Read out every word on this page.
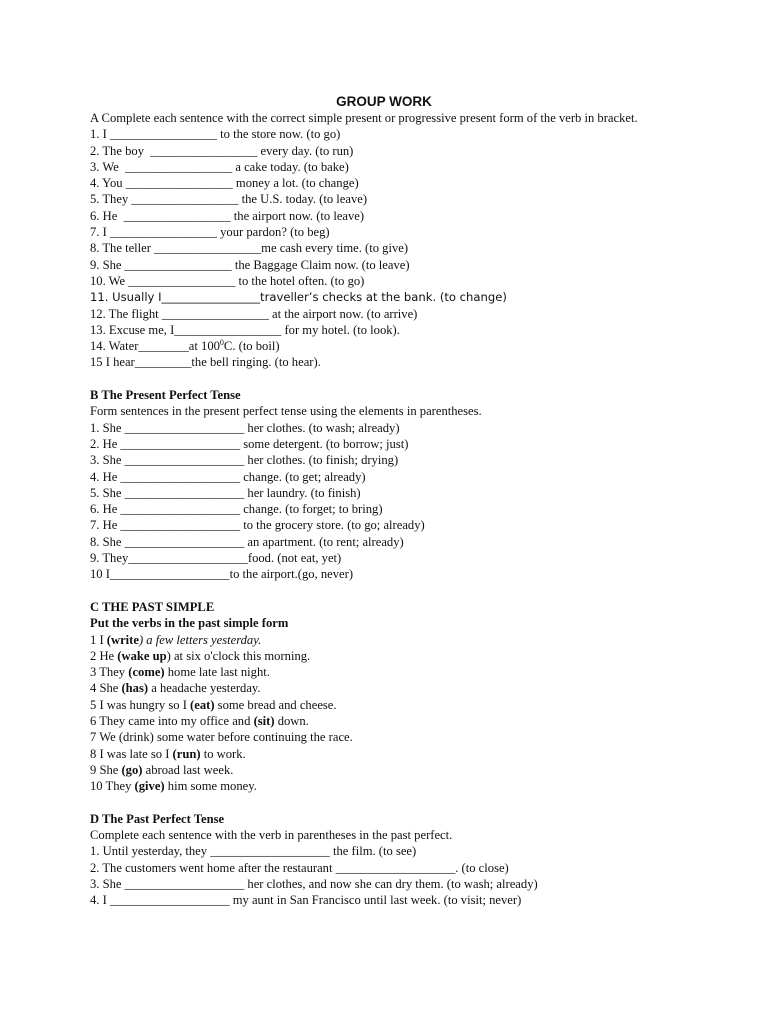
GROUP WORK
A Complete each sentence with the correct simple present or progressive present form of the verb in bracket.
1. I _________________ to the store now. (to go)
2. The boy  _________________ every day. (to run)
3. We  _________________ a cake today. (to bake)
4. You _________________ money a lot. (to change)
5. They _________________ the U.S. today. (to leave)
6. He  _________________ the airport now. (to leave)
7. I _________________ your pardon? (to beg)
8. The teller _________________me cash every time. (to give)
9. She _________________ the Baggage Claim now. (to leave)
10. We _________________ to the hotel often. (to go)
11. Usually I_________________traveller’s checks at the bank. (to change)
12. The flight _________________ at the airport now. (to arrive)
13. Excuse me, I_________________ for my hotel. (to look).
14. Water________at $100^0C$. (to boil)
15 I hear_________the bell ringing. (to hear).
B The Present Perfect Tense
Form sentences in the present perfect tense using the elements in parentheses.
1. She ___________________ her clothes. (to wash; already)
2. He ___________________ some detergent. (to borrow; just)
3. She ___________________ her clothes. (to finish; drying)
4. He ___________________ change. (to get; already)
5. She ___________________ her laundry. (to finish)
6. He ___________________ change. (to forget; to bring)
7. He ___________________ to the grocery store. (to go; already)
8. She ___________________ an apartment. (to rent; already)
9. They___________________food. (not eat, yet)
10 I___________________to the airport.(go, never)
C THE PAST SIMPLE
Put the verbs in the past simple form
1 I (write) a few letters yesterday.
2 He (wake up) at six o'clock this morning.
3 They (come) home late last night.
4 She (has) a headache yesterday.
5 I was hungry so I (eat) some bread and cheese.
6 They came into my office and (sit) down.
7 We (drink) some water before continuing the race.
8 I was late so I (run) to work.
9 She (go) abroad last week.
10 They (give) him some money.
D The Past Perfect Tense
Complete each sentence with the verb in parentheses in the past perfect.
1. Until yesterday, they ___________________ the film. (to see)
2. The customers went home after the restaurant ___________________. (to close)
3. She ___________________ her clothes, and now she can dry them. (to wash; already)
4. I ___________________ my aunt in San Francisco until last week. (to visit; never)
